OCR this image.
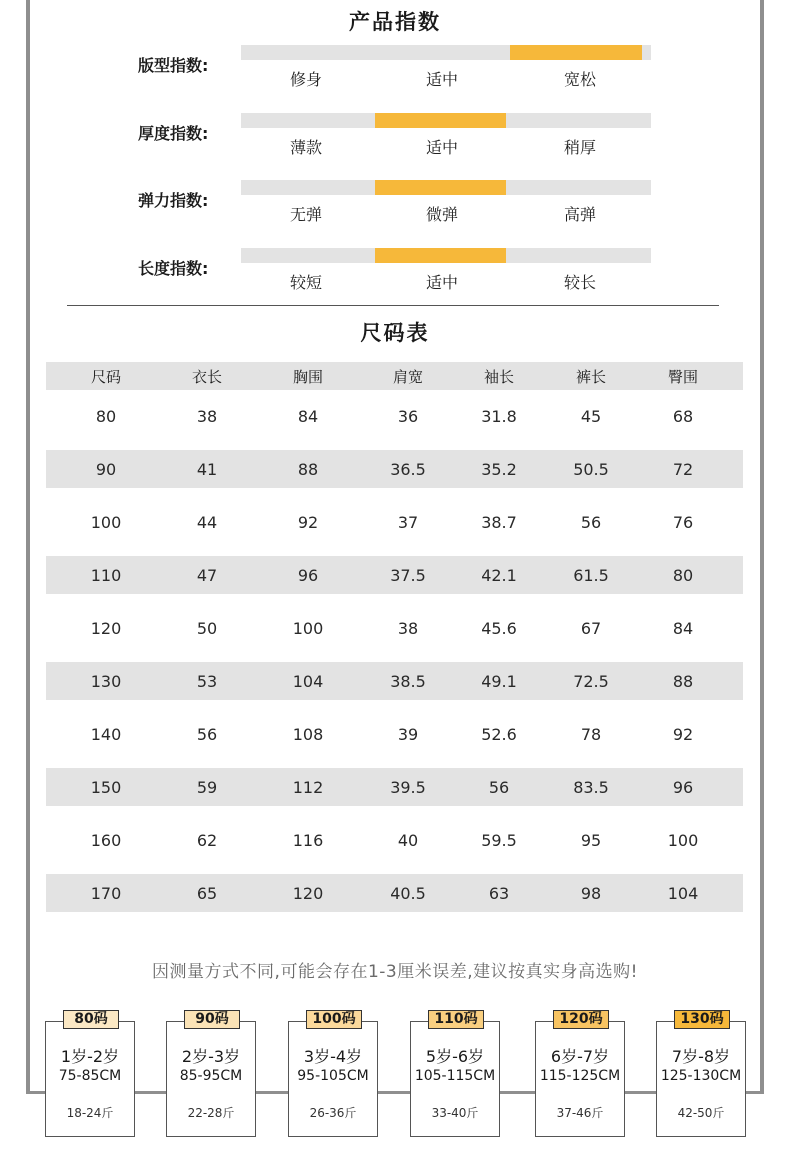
产品指数
版型指数:
修身	适中	宽松
厚度指数:
薄款	适中	稍厚
弹力指数:
无弹	微弹	高弹
长度指数:
较短	适中	较长
尺码表
尺码	衣长	胸围	肩宽	袖长	裤长	臀围
80	38	84	36	31.8	45	68
90	41	88	36.5	35.2	50.5	72
100	44	92	37	38.7	56	76
110	47	96	37.5	42.1	61.5	80
120	50	100	38	45.6	67	84
130	53	104	38.5	49.1	72.5	88
140	56	108	39	52.6	78	92
150	59	112	39.5	56	83.5	96
160	62	116	40	59.5	95	100
170	65	120	40.5	63	98	104
因测量方式不同,可能会存在1-3厘米误差,建议按真实身高选购!
80码
1岁-2岁
75-85CM
18-24斤
90码
2岁-3岁
85-95CM
22-28斤
100码
3岁-4岁
95-105CM
26-36斤
110码
5岁-6岁
105-115CM
33-40斤
120码
6岁-7岁
115-125CM
37-46斤
130码
7岁-8岁
125-130CM
42-50斤
